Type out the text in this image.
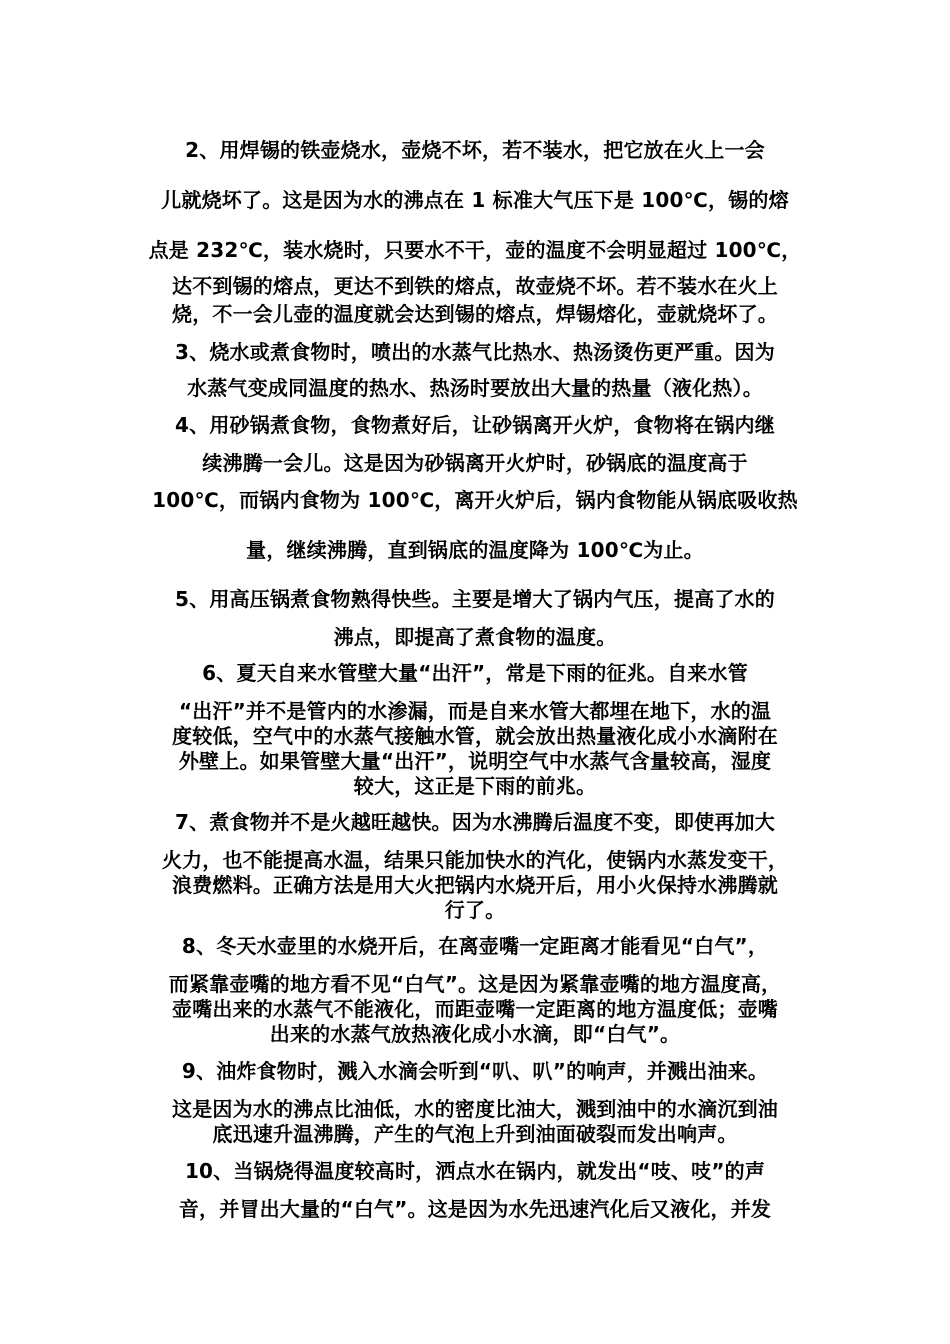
2、用焊锡的铁壶烧水，壶烧不坏，若不装水，把它放在火上一会
儿就烧坏了。这是因为水的沸点在 1 标准大气压下是 100℃，锡的熔
点是 232℃，装水烧时，只要水不干，壶的温度不会明显超过 100℃，
达不到锡的熔点，更达不到铁的熔点，故壶烧不坏。若不装水在火上
烧，不一会儿壶的温度就会达到锡的熔点，焊锡熔化，壶就烧坏了。
3、烧水或煮食物时，喷出的水蒸气比热水、热汤烫伤更严重。因为
水蒸气变成同温度的热水、热汤时要放出大量的热量（液化热）。
4、用砂锅煮食物，食物煮好后，让砂锅离开火炉，食物将在锅内继
续沸腾一会儿。这是因为砂锅离开火炉时，砂锅底的温度高于
100℃，而锅内食物为 100℃，离开火炉后，锅内食物能从锅底吸收热
量，继续沸腾，直到锅底的温度降为 100℃为止。
5、用高压锅煮食物熟得快些。主要是增大了锅内气压，提高了水的
沸点，即提高了煮食物的温度。
6、夏天自来水管壁大量“出汗”，常是下雨的征兆。自来水管
“出汗”并不是管内的水渗漏，而是自来水管大都埋在地下，水的温
度较低，空气中的水蒸气接触水管，就会放出热量液化成小水滴附在
外壁上。如果管壁大量“出汗”，说明空气中水蒸气含量较高，湿度
较大，这正是下雨的前兆。
7、煮食物并不是火越旺越快。因为水沸腾后温度不变，即使再加大
火力，也不能提高水温，结果只能加快水的汽化，使锅内水蒸发变干，
浪费燃料。正确方法是用大火把锅内水烧开后，用小火保持水沸腾就
行了。
8、冬天水壶里的水烧开后，在离壶嘴一定距离才能看见“白气”，
而紧靠壶嘴的地方看不见“白气”。这是因为紧靠壶嘴的地方温度高，
壶嘴出来的水蒸气不能液化，而距壶嘴一定距离的地方温度低；壶嘴
出来的水蒸气放热液化成小水滴，即“白气”。
9、油炸食物时，溅入水滴会听到“叭、叭”的响声，并溅出油来。
这是因为水的沸点比油低，水的密度比油大，溅到油中的水滴沉到油
底迅速升温沸腾，产生的气泡上升到油面破裂而发出响声。
10、当锅烧得温度较高时，洒点水在锅内，就发出“吱、吱”的声
音，并冒出大量的“白气”。这是因为水先迅速汽化后又液化，并发
